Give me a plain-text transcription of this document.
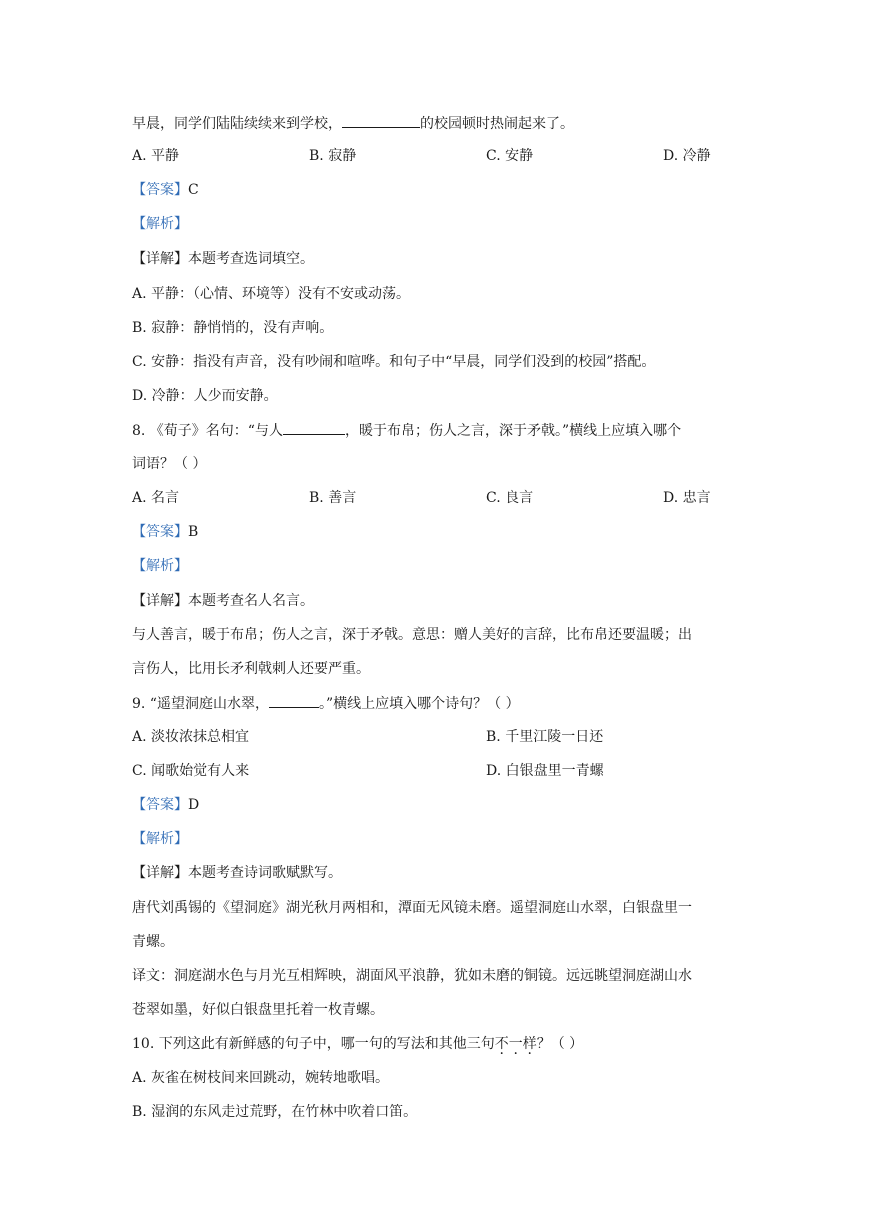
早晨，同学们陆陆续续来到学校，	的校园顿时热闹起来了。
A. 平静	B. 寂静	C. 安静	D. 冷静
【答案】C
【解析】
【详解】本题考查选词填空。
A. 平静：（心情、环境等）没有不安或动荡。
B. 寂静：静悄悄的，没有声响。
C. 安静：指没有声音，没有吵闹和喧哗。和句子中“早晨，同学们没到的校园”搭配。
D. 冷静：人少而安静。
8. 《荀子》名句：“与人	，暖于布帛；伤人之言，深于矛戟。”横线上应填入哪个
词语？（ ）
A. 名言	B. 善言	C. 良言	D. 忠言
【答案】B
【解析】
【详解】本题考查名人名言。
与人善言，暖于布帛；伤人之言，深于矛戟。意思：赠人美好的言辞，比布帛还要温暖；出
言伤人，比用长矛利戟刺人还要严重。
9. “遥望洞庭山水翠，	。”横线上应填入哪个诗句？（ ）
A. 淡妆浓抹总相宜	B. 千里江陵一日还
C. 闻歌始觉有人来	D. 白银盘里一青螺
【答案】D
【解析】
【详解】本题考查诗词歌赋默写。
唐代刘禹锡的《望洞庭》湖光秋月两相和，潭面无风镜未磨。遥望洞庭山水翠，白银盘里一
青螺。
译文：洞庭湖水色与月光互相辉映，湖面风平浪静，犹如未磨的铜镜。远远眺望洞庭湖山水
苍翠如墨，好似白银盘里托着一枚青螺。
10. 下列这此有新鲜感的句子中，哪一句的写法和其他三句不一样？（ ）
A. 灰雀在树枝间来回跳动，婉转地歌唱。
B. 湿润的东风走过荒野，在竹林中吹着口笛。
